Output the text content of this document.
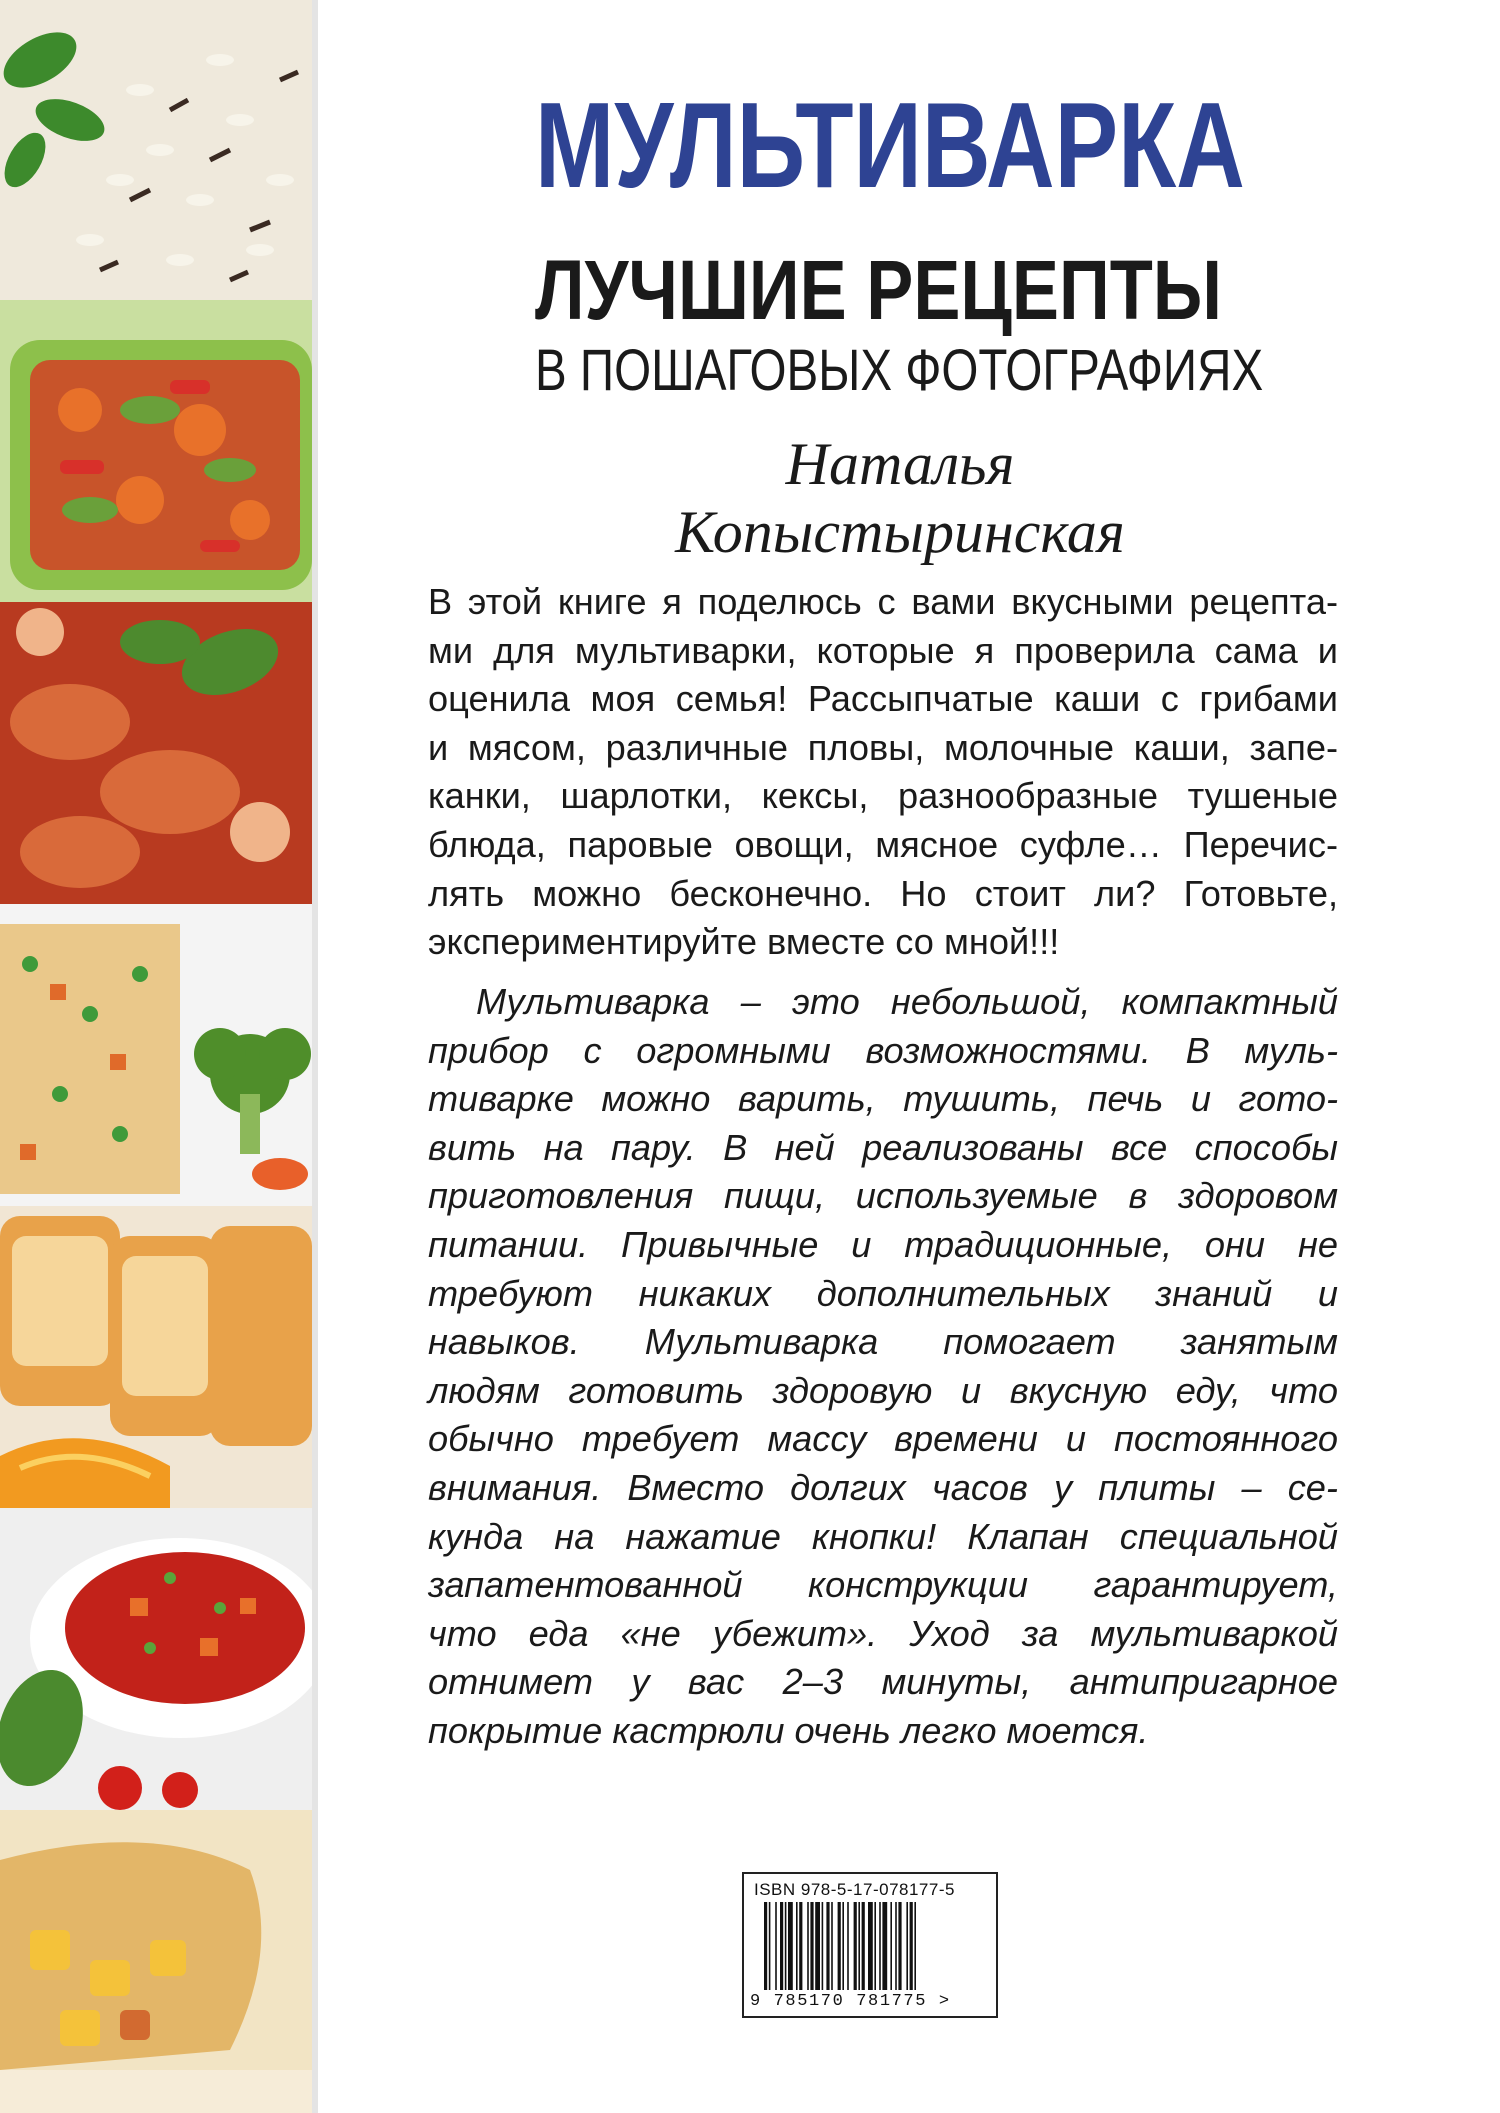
МУЛЬТИВАРКА
ЛУЧШИЕ РЕЦЕПТЫ
В ПОШАГОВЫХ ФОТОГРАФИЯХ
Наталья
Копыстыринская
В этой книге я поделюсь с вами вкусными рецепта-
ми для мультиварки, которые я проверила сама и
оценила моя семья! Рассыпчатые каши с грибами
и мясом, различные пловы, молочные каши, запе-
канки, шарлотки, кексы, разнообразные тушеные
блюда, паровые овощи, мясное суфле… Перечис-
лять можно бесконечно. Но стоит ли? Готовьте,
экспериментируйте вместе со мной!!!
Мультиварка – это небольшой, компактный
прибор с огромными возможностями. В муль-
тиварке можно варить, тушить, печь и гото-
вить на пару. В ней реализованы все способы
приготовления пищи, используемые в здоровом
питании. Привычные и традиционные, они не
требуют никаких дополнительных знаний и
навыков. Мультиварка помогает занятым
людям готовить здоровую и вкусную еду, что
обычно требует массу времени и постоянного
внимания. Вместо долгих часов у плиты – се-
кунда на нажатие кнопки! Клапан специальной
запатентованной конструкции гарантирует,
что еда «не убежит». Уход за мультиваркой
отнимет у вас 2–3 минуты, антипригарное
покрытие кастрюли очень легко моется.
ISBN 978-5-17-078177-5
9 785170 781775 >
